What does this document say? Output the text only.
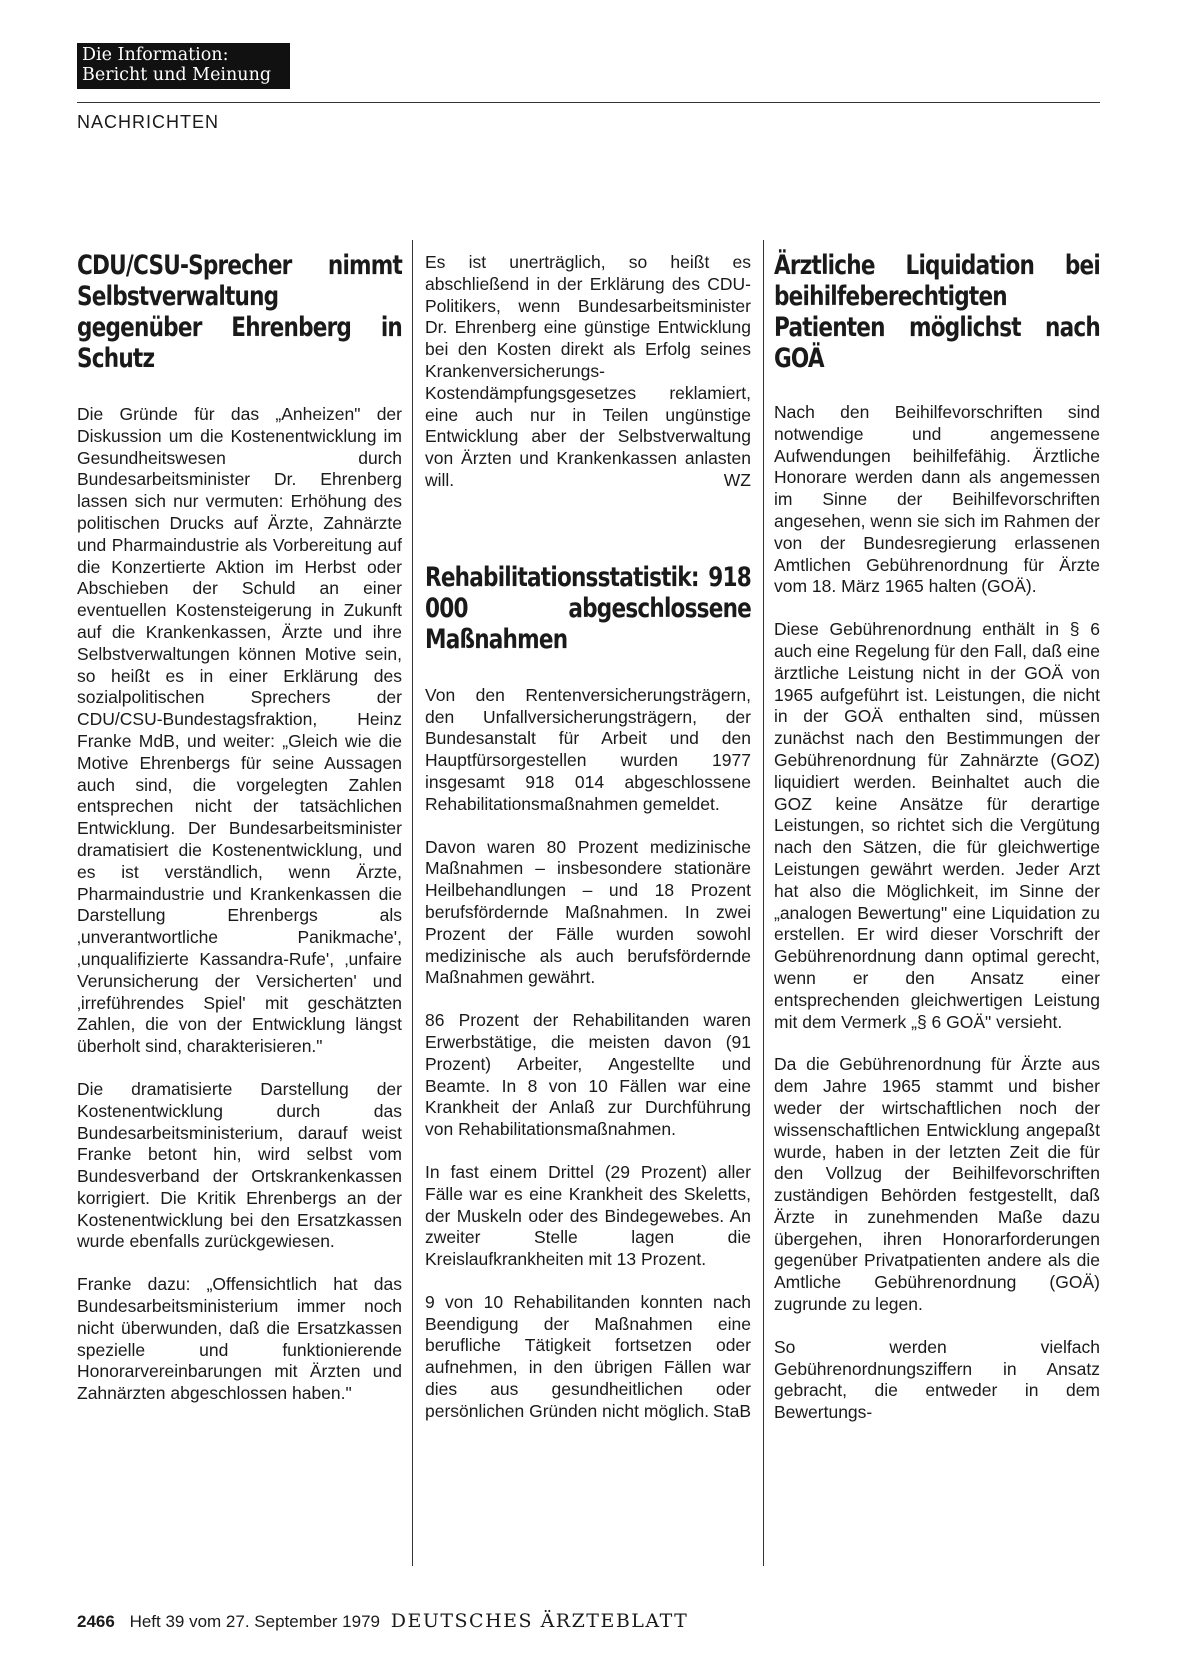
Die Information:
Bericht und Meinung
NACHRICHTEN
CDU/CSU-Sprecher nimmt Selbstverwaltung gegenüber Ehrenberg in Schutz

Die Gründe für das „Anheizen" der Diskussion um die Kostenentwicklung im Gesundheitswesen durch Bundesarbeitsminister Dr. Ehrenberg lassen sich nur vermuten: Erhöhung des politischen Drucks auf Ärzte, Zahnärzte und Pharmaindustrie als Vorbereitung auf die Konzertierte Aktion im Herbst oder Abschieben der Schuld an einer eventuellen Kostensteigerung in Zukunft auf die Krankenkassen, Ärzte und ihre Selbstverwaltungen können Motive sein, so heißt es in einer Erklärung des sozialpolitischen Sprechers der CDU/CSU-Bundestagsfraktion, Heinz Franke MdB, und weiter: „Gleich wie die Motive Ehrenbergs für seine Aussagen auch sind, die vorgelegten Zahlen entsprechen nicht der tatsächlichen Entwicklung. Der Bundesarbeitsminister dramatisiert die Kostenentwicklung, und es ist verständlich, wenn Ärzte, Pharmaindustrie und Krankenkassen die Darstellung Ehrenbergs als ‚unverantwortliche Panikmache', ‚unqualifizierte Kassandra-Rufe', ‚unfaire Verunsicherung der Versicherten' und ‚irreführendes Spiel' mit geschätzten Zahlen, die von der Entwicklung längst überholt sind, charakterisieren."

Die dramatisierte Darstellung der Kostenentwicklung durch das Bundesarbeitsministerium, darauf weist Franke betont hin, wird selbst vom Bundesverband der Ortskrankenkassen korrigiert. Die Kritik Ehrenbergs an der Kostenentwicklung bei den Ersatzkassen wurde ebenfalls zurückgewiesen.

Franke dazu: „Offensichtlich hat das Bundesarbeitsministerium immer noch nicht überwunden, daß die Ersatzkassen spezielle und funktionierende Honorarvereinbarungen mit Ärzten und Zahnärzten abgeschlossen haben."

Es ist unerträglich, so heißt es abschließend in der Erklärung des CDU-Politikers, wenn Bundesarbeitsminister Dr. Ehrenberg eine günstige Entwicklung bei den Kosten direkt als Erfolg seines Krankenversicherungs-Kostendämpfungsgesetzes reklamiert, eine auch nur in Teilen ungünstige Entwicklung aber der Selbstverwaltung von Ärzten und Krankenkassen anlasten will.	WZ

Rehabilitationsstatistik: 918 000 abgeschlossene Maßnahmen

Von den Rentenversicherungsträgern, den Unfallversicherungsträgern, der Bundesanstalt für Arbeit und den Hauptfürsorgestellen wurden 1977 insgesamt 918 014 abgeschlossene Rehabilitationsmaßnahmen gemeldet.

Davon waren 80 Prozent medizinische Maßnahmen – insbesondere stationäre Heilbehandlungen – und 18 Prozent berufsfördernde Maßnahmen. In zwei Prozent der Fälle wurden sowohl medizinische als auch berufsfördernde Maßnahmen gewährt.

86 Prozent der Rehabilitanden waren Erwerbstätige, die meisten davon (91 Prozent) Arbeiter, Angestellte und Beamte. In 8 von 10 Fällen war eine Krankheit der Anlaß zur Durchführung von Rehabilitationsmaßnahmen.

In fast einem Drittel (29 Prozent) aller Fälle war es eine Krankheit des Skeletts, der Muskeln oder des Bindegewebes. An zweiter Stelle lagen die Kreislaufkrankheiten mit 13 Prozent.

9 von 10 Rehabilitanden konnten nach Beendigung der Maßnahmen eine berufliche Tätigkeit fortsetzen oder aufnehmen, in den übrigen Fällen war dies aus gesundheitlichen oder persönlichen Gründen nicht möglich. StaB

Ärztliche Liquidation bei beihilfeberechtigten Patienten möglichst nach GOÄ

Nach den Beihilfevorschriften sind notwendige und angemessene Aufwendungen beihilfefähig. Ärztliche Honorare werden dann als angemessen im Sinne der Beihilfevorschriften angesehen, wenn sie sich im Rahmen der von der Bundesregierung erlassenen Amtlichen Gebührenordnung für Ärzte vom 18. März 1965 halten (GOÄ).

Diese Gebührenordnung enthält in § 6 auch eine Regelung für den Fall, daß eine ärztliche Leistung nicht in der GOÄ von 1965 aufgeführt ist. Leistungen, die nicht in der GOÄ enthalten sind, müssen zunächst nach den Bestimmungen der Gebührenordnung für Zahnärzte (GOZ) liquidiert werden. Beinhaltet auch die GOZ keine Ansätze für derartige Leistungen, so richtet sich die Vergütung nach den Sätzen, die für gleichwertige Leistungen gewährt werden. Jeder Arzt hat also die Möglichkeit, im Sinne der „analogen Bewertung" eine Liquidation zu erstellen. Er wird dieser Vorschrift der Gebührenordnung dann optimal gerecht, wenn er den Ansatz einer entsprechenden gleichwertigen Leistung mit dem Vermerk „§ 6 GOÄ" versieht.

Da die Gebührenordnung für Ärzte aus dem Jahre 1965 stammt und bisher weder der wirtschaftlichen noch der wissenschaftlichen Entwicklung angepaßt wurde, haben in der letzten Zeit die für den Vollzug der Beihilfevorschriften zuständigen Behörden festgestellt, daß Ärzte in zunehmenden Maße dazu übergehen, ihren Honorarforderungen gegenüber Privatpatienten andere als die Amtliche Gebührenordnung (GOÄ) zugrunde zu legen.

So werden vielfach Gebührenordnungsziffern in Ansatz gebracht, die entweder in dem Bewertungs-

2466 Heft 39 vom 27. September 1979 DEUTSCHES ÄRZTEBLATT
